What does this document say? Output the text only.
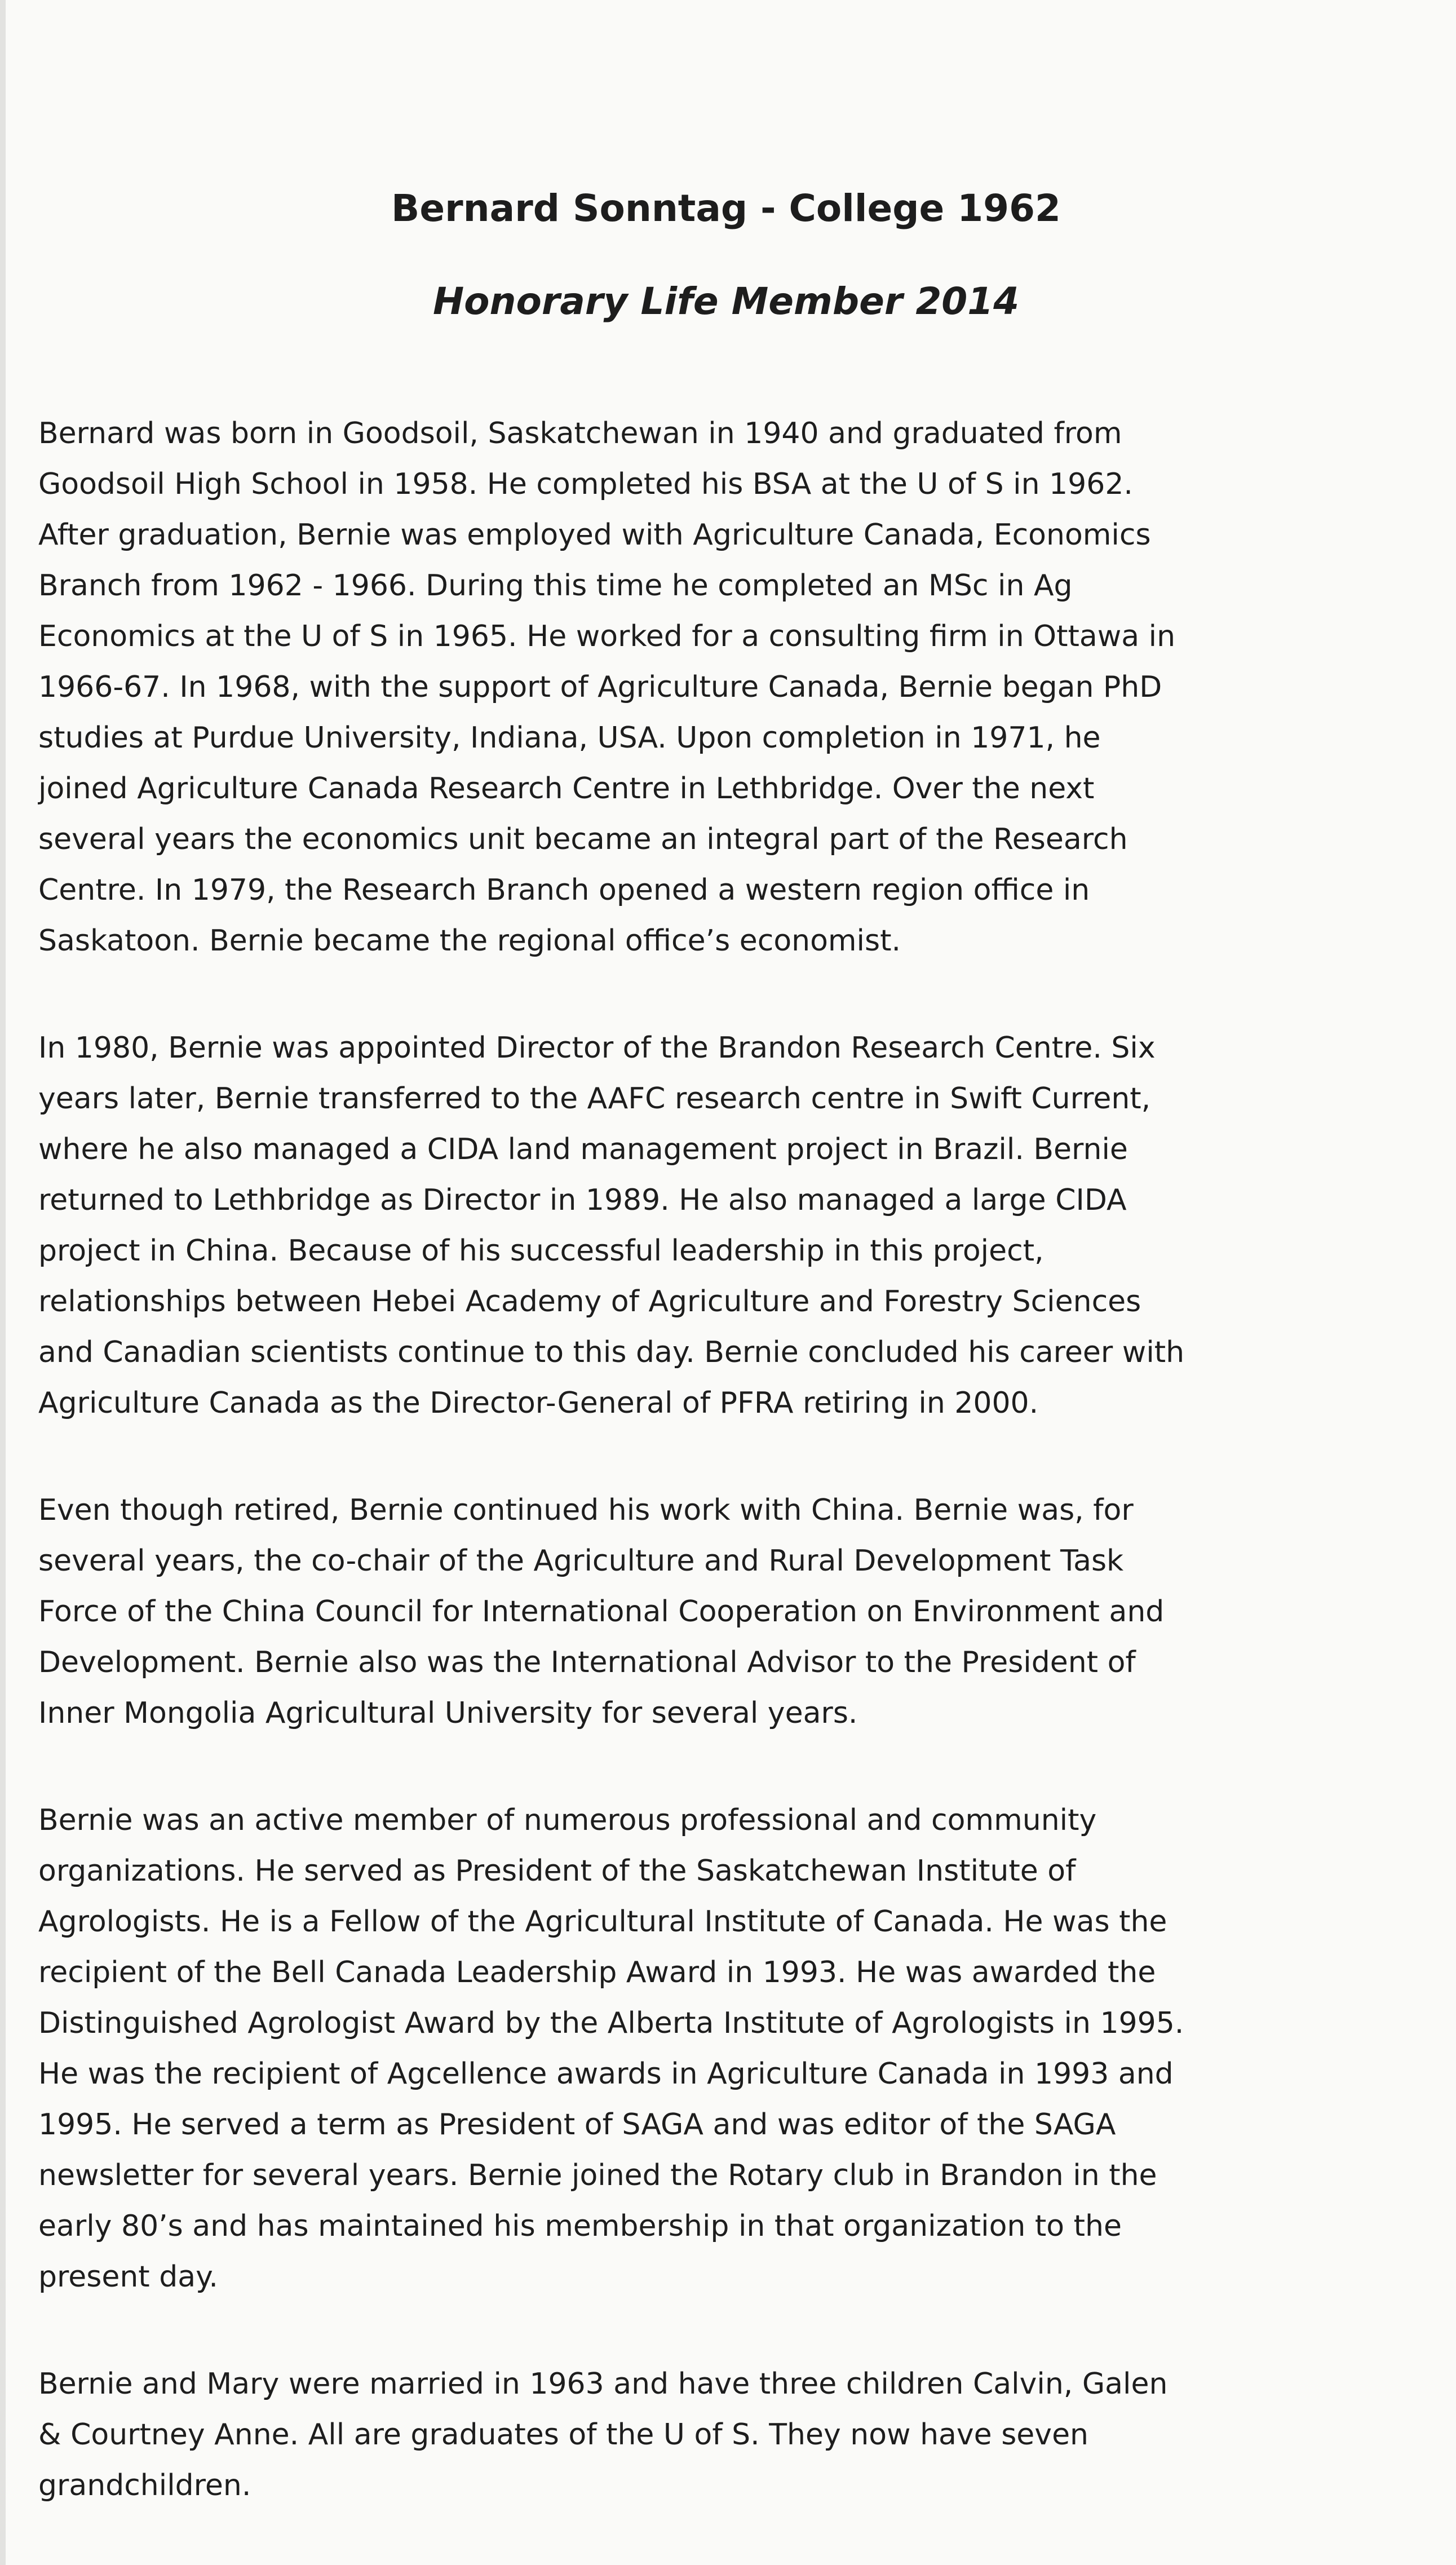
Bernard Sonntag - College 1962
Honorary Life Member 2014

Bernard was born in Goodsoil, Saskatchewan in 1940 and graduated from
Goodsoil High School in 1958. He completed his BSA at the U of S in 1962.
After graduation, Bernie was employed with Agriculture Canada, Economics
Branch from 1962 - 1966. During this time he completed an MSc in Ag
Economics at the U of S in 1965. He worked for a consulting firm in Ottawa in
1966-67. In 1968, with the support of Agriculture Canada, Bernie began PhD
studies at Purdue University, Indiana, USA. Upon completion in 1971, he
joined Agriculture Canada Research Centre in Lethbridge. Over the next
several years the economics unit became an integral part of the Research
Centre. In 1979, the Research Branch opened a western region office in
Saskatoon. Bernie became the regional office’s economist.

In 1980, Bernie was appointed Director of the Brandon Research Centre. Six
years later, Bernie transferred to the AAFC research centre in Swift Current,
where he also managed a CIDA land management project in Brazil. Bernie
returned to Lethbridge as Director in 1989. He also managed a large CIDA
project in China. Because of his successful leadership in this project,
relationships between Hebei Academy of Agriculture and Forestry Sciences
and Canadian scientists continue to this day. Bernie concluded his career with
Agriculture Canada as the Director-General of PFRA retiring in 2000.

Even though retired, Bernie continued his work with China. Bernie was, for
several years, the co-chair of the Agriculture and Rural Development Task
Force of the China Council for International Cooperation on Environment and
Development. Bernie also was the International Advisor to the President of
Inner Mongolia Agricultural University for several years.

Bernie was an active member of numerous professional and community
organizations. He served as President of the Saskatchewan Institute of
Agrologists. He is a Fellow of the Agricultural Institute of Canada. He was the
recipient of the Bell Canada Leadership Award in 1993. He was awarded the
Distinguished Agrologist Award by the Alberta Institute of Agrologists in 1995.
He was the recipient of Agcellence awards in Agriculture Canada in 1993 and
1995. He served a term as President of SAGA and was editor of the SAGA
newsletter for several years. Bernie joined the Rotary club in Brandon in the
early 80’s and has maintained his membership in that organization to the
present day.

Bernie and Mary were married in 1963 and have three children Calvin, Galen
& Courtney Anne. All are graduates of the U of S. They now have seven
grandchildren.
